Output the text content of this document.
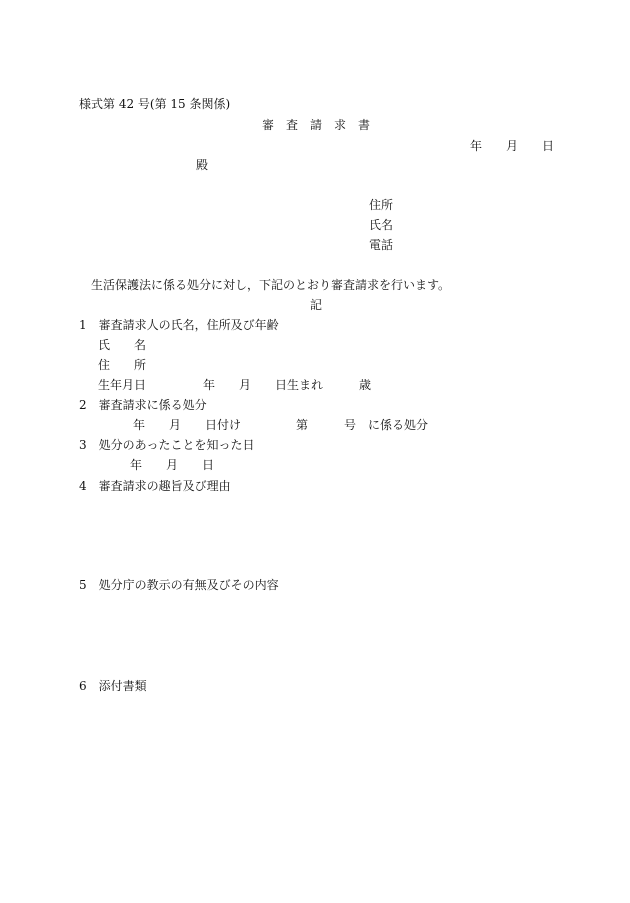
様式第 42 号(第 15 条関係)
審　査　請　求　書
年　　月　　日
殿
住所
氏名
電話
生活保護法に係る処分に対し，下記のとおり審査請求を行います。
記
1　審査請求人の氏名，住所及び年齢
氏　　名
住　　所
生年月日	年　　月　　日生まれ　　　歳
2　審査請求に係る処分
年　　月　　日付け	第　　　号　に係る処分
3　処分のあったことを知った日
年　　月　　日
4　審査請求の趣旨及び理由
5　処分庁の教示の有無及びその内容
6　添付書類
